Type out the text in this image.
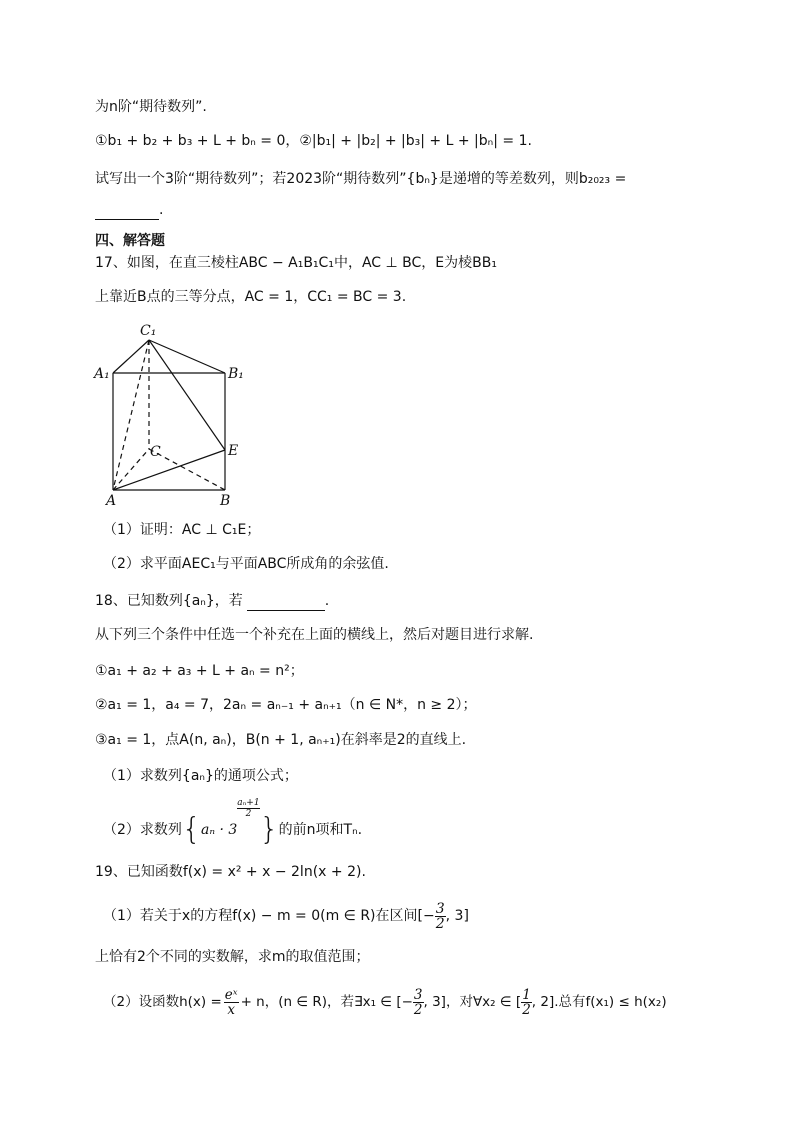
为n阶“期待数列”.
①b₁ + b₂ + b₃ + L + bₙ = 0，②|b₁| + |b₂| + |b₃| + L + |bₙ| = 1.
试写出一个3阶“期待数列”；若2023阶“期待数列”{bₙ}是递增的等差数列，则b₂₀₂₃ =
.
四、解答题
17、如图，在直三棱柱ABC − A₁B₁C₁中，AC ⊥ BC，E为棱BB₁
上靠近B点的三等分点，AC = 1，CC₁ = BC = 3.
C₁
A₁	B₁
C	E
A	B
（1）证明：AC ⊥ C₁E；
（2）求平面AEC₁与平面ABC所成角的余弦值.
18、已知数列{aₙ}，若	.
从下列三个条件中任选一个补充在上面的横线上，然后对题目进行求解.
①a₁ + a₂ + a₃ + L + aₙ = n²；
②a₁ = 1，a₄ = 7，2aₙ = aₙ₋₁ + aₙ₊₁（n ∈ N*，n ≥ 2）；
③a₁ = 1，点A(n, aₙ)，B(n + 1, aₙ₊₁)在斜率是2的直线上.
（1）求数列{aₙ}的通项公式；
（2）求数列{aₙ · 3
$^{\frac{\text{aₙ+1}}{2}}$
}的前n项和Tₙ.
19、已知函数f(x) = x² + x − 2ln(x + 2).
（1）若关于x的方程f(x) − m = 0(m ∈ R)在区间[− $\frac{3}{2}$ , 3]
上恰有2个不同的实数解，求m的取值范围；
（2）设函数$h(x) = \frac{\text{eˣ}}{x} + n$，(n ∈ R)，若∃x₁ ∈ [− $\frac{3}{2}$ , 3]，对∀x₂ ∈ [ $\frac{1}{2}$ , 2].总有f(x₁) ≤ h(x₂)
